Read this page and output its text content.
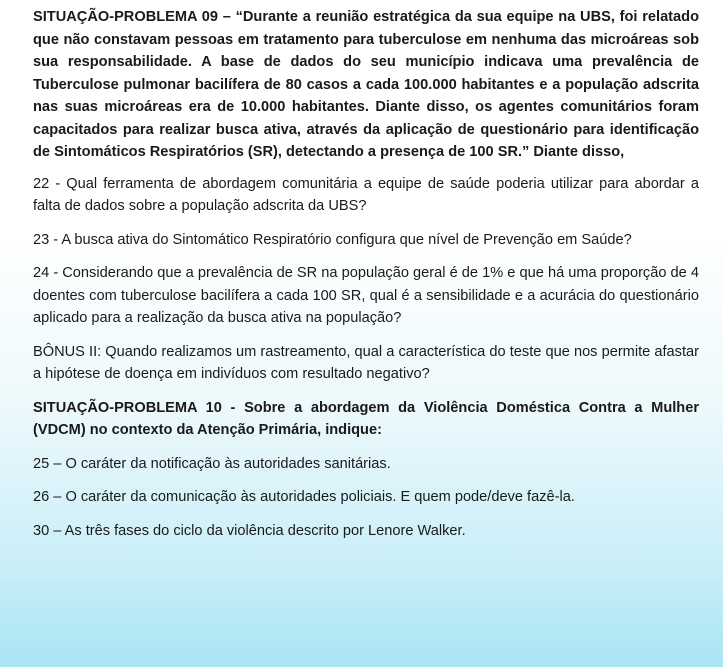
SITUAÇÃO-PROBLEMA 09 – “Durante a reunião estratégica da sua equipe na UBS, foi relatado que não constavam pessoas em tratamento para tuberculose em nenhuma das microáreas sob sua responsabilidade. A base de dados do seu município indicava uma prevalência de Tuberculose pulmonar bacilífera de 80 casos a cada 100.000 habitantes e a população adscrita nas suas microáreas era de 10.000 habitantes. Diante disso, os agentes comunitários foram capacitados para realizar busca ativa, através da aplicação de questionário para identificação de Sintomáticos Respiratórios (SR), detectando a presença de 100 SR.” Diante disso,

22 - Qual ferramenta de abordagem comunitária a equipe de saúde poderia utilizar para abordar a falta de dados sobre a população adscrita da UBS?

23 - A busca ativa do Sintomático Respiratório configura que nível de Prevenção em Saúde?

24 - Considerando que a prevalência de SR na população geral é de 1% e que há uma proporção de 4 doentes com tuberculose bacilífera a cada 100 SR, qual é a sensibilidade e a acurácia do questionário aplicado para a realização da busca ativa na população?

BÔNUS II: Quando realizamos um rastreamento, qual a característica do teste que nos permite afastar a hipótese de doença em indivíduos com resultado negativo?

SITUAÇÃO-PROBLEMA 10 - Sobre a abordagem da Violência Doméstica Contra a Mulher (VDCM) no contexto da Atenção Primária, indique:

25 – O caráter da notificação às autoridades sanitárias.

26 – O caráter da comunicação às autoridades policiais. E quem pode/deve fazê-la.

30 – As três fases do ciclo da violência descrito por Lenore Walker.
